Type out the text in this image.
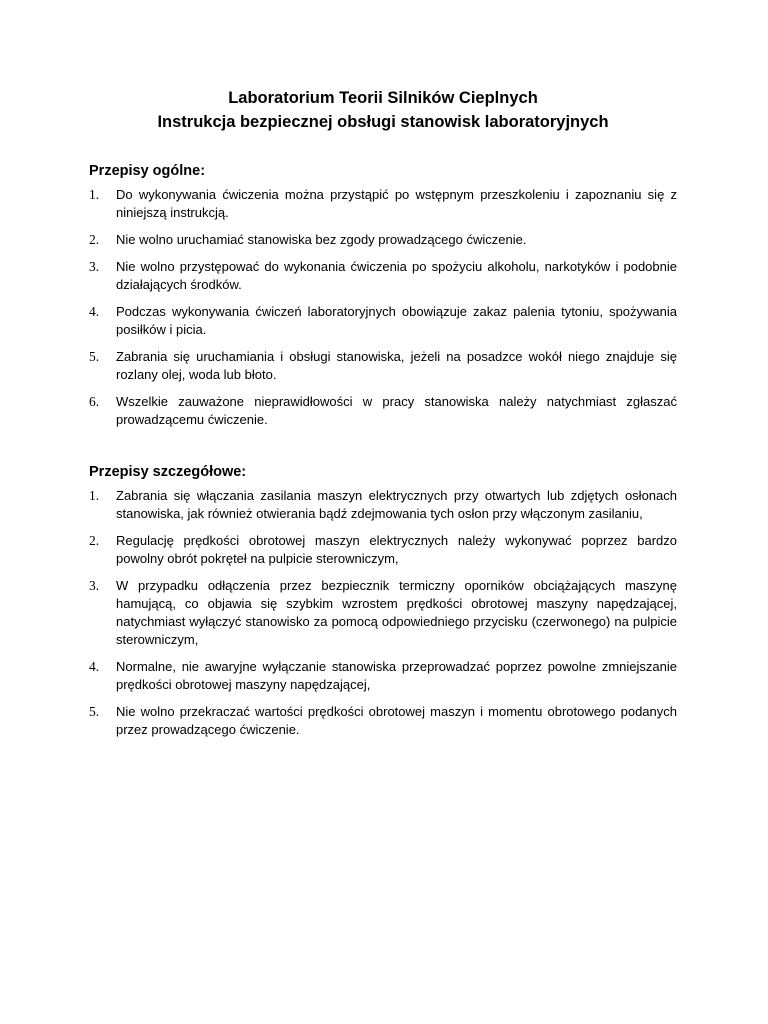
Laboratorium Teorii Silników Cieplnych

Instrukcja bezpiecznej obsługi stanowisk laboratoryjnych

Przepisy ogólne:
1.	Do wykonywania ćwiczenia można przystąpić po wstępnym przeszkoleniu i zapoznaniu się z niniejszą instrukcją.
2.	Nie wolno uruchamiać stanowiska bez zgody prowadzącego ćwiczenie.
3.	Nie wolno przystępować do wykonania ćwiczenia po spożyciu alkoholu, narkotyków i podobnie działających środków.
4.	Podczas wykonywania ćwiczeń laboratoryjnych obowiązuje zakaz palenia tytoniu, spożywania posiłków i picia.
5.	Zabrania się uruchamiania i obsługi stanowiska, jeżeli na posadzce wokół niego znajduje się rozlany olej, woda lub błoto.
6.	Wszelkie zauważone nieprawidłowości w pracy stanowiska należy natychmiast zgłaszać prowadzącemu ćwiczenie.
Przepisy szczegółowe:
1.	Zabrania się włączania zasilania maszyn elektrycznych przy otwartych lub zdjętych osłonach stanowiska, jak również otwierania bądź zdejmowania tych osłon przy włączonym zasilaniu,
2.	Regulację prędkości obrotowej maszyn elektrycznych należy wykonywać poprzez bardzo powolny obrót pokręteł na pulpicie sterowniczym,
3.	W przypadku odłączenia przez bezpiecznik termiczny oporników obciążających maszynę hamującą, co objawia się szybkim wzrostem prędkości obrotowej maszyny napędzającej, natychmiast wyłączyć stanowisko za pomocą odpowiedniego przycisku (czerwonego) na pulpicie sterowniczym,
4.	Normalne, nie awaryjne wyłączanie stanowiska przeprowadzać poprzez powolne zmniejszanie prędkości obrotowej maszyny napędzającej,
5.	Nie wolno przekraczać wartości prędkości obrotowej maszyn i momentu obrotowego podanych przez prowadzącego ćwiczenie.
